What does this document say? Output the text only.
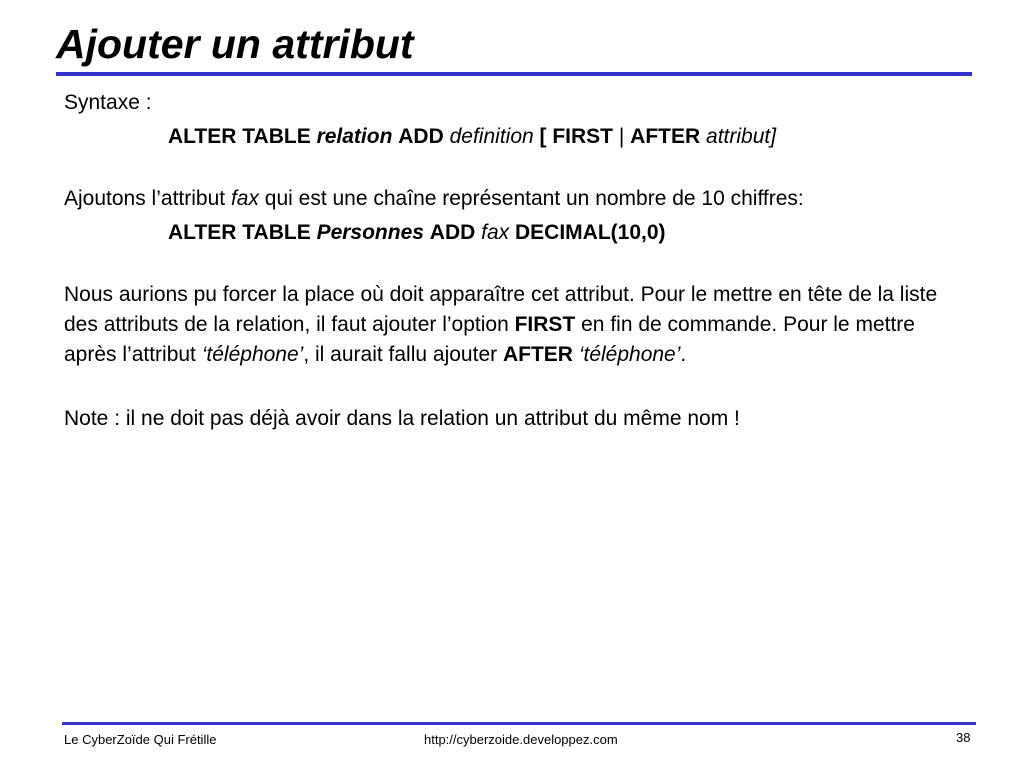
Ajouter un attribut

Syntaxe :

ALTER TABLE relation ADD definition [ FIRST | AFTER attribut]

Ajoutons l’attribut fax qui est une chaîne représentant un nombre de 10 chiffres:

ALTER TABLE Personnes ADD fax DECIMAL(10,0)

Nous aurions pu forcer la place où doit apparaître cet attribut. Pour le mettre en tête de la liste des attributs de la relation, il faut ajouter l’option FIRST en fin de commande. Pour le mettre après l’attribut ‘téléphone’, il aurait fallu ajouter AFTER ‘téléphone’.

Note : il ne doit pas déjà avoir dans la relation un attribut du même nom !

Le CyberZoïde Qui Frétille	http://cyberzoide.developpez.com	38
